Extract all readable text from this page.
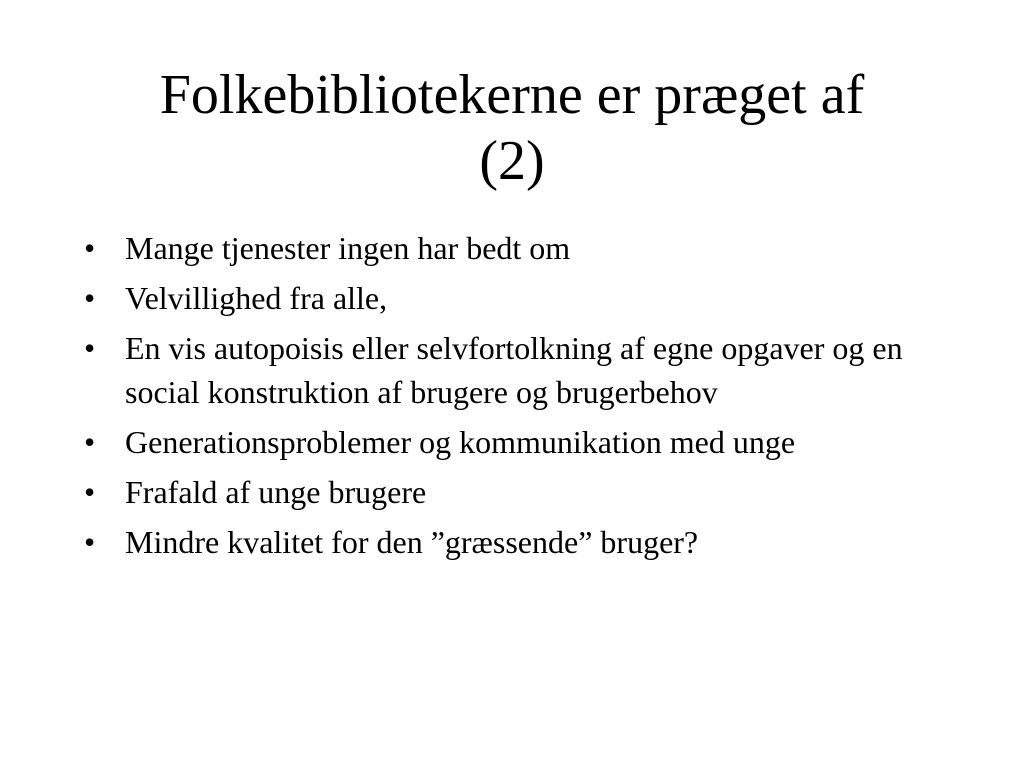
Folkebibliotekerne er præget af
(2)
• Mange tjenester ingen har bedt om
• Velvillighed fra alle,
• En vis autopoisis eller selvfortolkning af egne opgaver og en social konstruktion af brugere og brugerbehov
• Generationsproblemer og kommunikation med unge
• Frafald af unge brugere
• Mindre kvalitet for den ”græssende” bruger?
